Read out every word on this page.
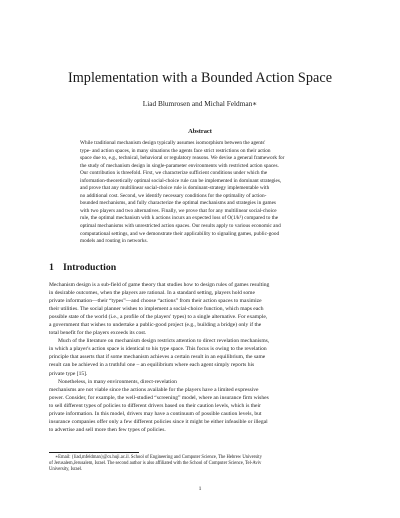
Implementation with a Bounded Action Space
Liad Blumrosen and Michal Feldman∗
Abstract

While traditional mechanism design typically assumes isomorphism between the agents'
type- and action spaces, in many situations the agents face strict restrictions on their action
space due to, e.g., technical, behavioral or regulatory reasons. We devise a general framework for
the study of mechanism design in single-parameter environments with restricted action spaces.
Our contribution is threefold. First, we characterize sufficient conditions under which the
information-theoretically optimal social-choice rule can be implemented in dominant strategies,
and prove that any multilinear social-choice rule is dominant-strategy implementable with
no additional cost. Second, we identify necessary conditions for the optimality of action-
bounded mechanisms, and fully characterize the optimal mechanisms and strategies in games
with two players and two alternatives. Finally, we prove that for any multilinear social-choice
rule, the optimal mechanism with k actions incurs an expected loss of O(1/k²) compared to the
optimal mechanisms with unrestricted action spaces. Our results apply to various economic and
computational settings, and we demonstrate their applicability to signaling games, public-good
models and routing in networks.

1 Introduction

Mechanism design is a sub-field of game theory that studies how to design rules of games resulting
in desirable outcomes, when the players are rational. In a standard setting, players hold some
private information—their “types”—and choose “actions” from their action spaces to maximize
their utilities. The social planner wishes to implement a social-choice function, which maps each
possible state of the world (i.e., a profile of the players' types) to a single alternative. For example,
a government that wishes to undertake a public-good project (e.g., building a bridge) only if the
total benefit for the players exceeds its cost.

Much of the literature on mechanism design restricts attention to direct revelation mechanisms,
in which a player's action space is identical to his type space. This focus is owing to the revelation
principle that asserts that if some mechanism achieves a certain result in an equilibrium, the same
result can be achieved in a truthful one – an equilibrium where each agent simply reports his
private type [15].

Nonetheless, in many environments, direct-revelation
mechanisms are not viable since the actions available for the players have a limited expressive
power. Consider, for example, the well-studied “screening” model, where an insurance firm wishes
to sell different types of policies to different drivers based on their caution levels, which is their
private information. In this model, drivers may have a continuum of possible caution levels, but
insurance companies offer only a few different policies since it might be either infeasible or illegal
to advertise and sell more then few types of policies.

∗Email: {liad,mfeldman}@cs.huji.ac.il. School of Engineering and Computer Science, The Hebrew University
of Jerusalem,Jerusalem, Israel. The second author is also affiliated with the School of Computer Science, Tel-Aviv
University, Israel.
1
